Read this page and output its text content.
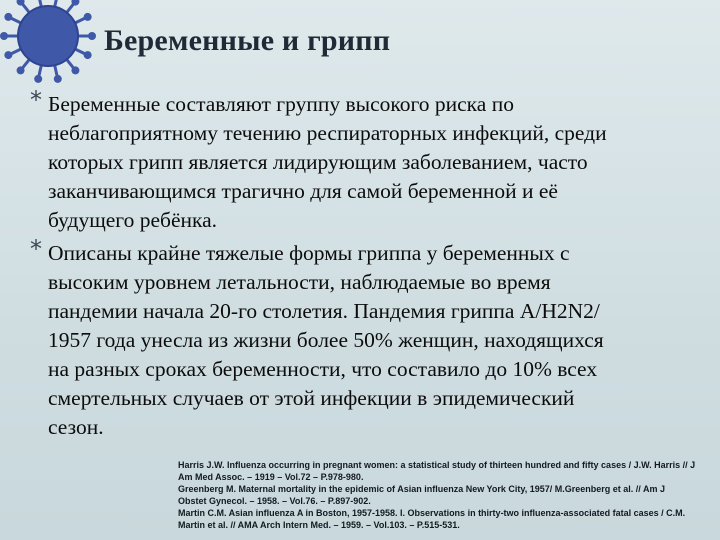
Беременные и грипп
* Беременные составляют группу высокого риска по
неблагоприятному течению респираторных инфекций, среди
которых грипп является лидирующим заболеванием, часто
заканчивающимся трагично для самой беременной и её
будущего ребёнка.
* Описаны крайне тяжелые формы гриппа у беременных с
высоким уровнем летальности, наблюдаемые во время
пандемии начала 20-го столетия. Пандемия гриппа А/H2N2/
1957 года унесла из жизни более 50% женщин, находящихся
на разных сроках беременности, что составило до 10% всех
смертельных случаев от этой инфекции в эпидемический
сезон.
Harris J.W. Influenza occurring in pregnant women: a statistical study of thirteen hundred and fifty cases / J.W. Harris // J
Am Med Assoc. – 1919 – Vol.72 – P.978-980.
Greenberg M. Maternal mortality in the epidemic of Asian influenza New York City, 1957/ M.Greenberg et al. // Am J
Obstet Gynecol. – 1958. – Vol.76. – P.897-902.
Martin C.M. Asian influenza A in Boston, 1957-1958. I. Observations in thirty-two influenza-associated fatal cases / C.M.
Martin et al. // AMA Arch Intern Med. – 1959. – Vol.103. – P.515-531.
